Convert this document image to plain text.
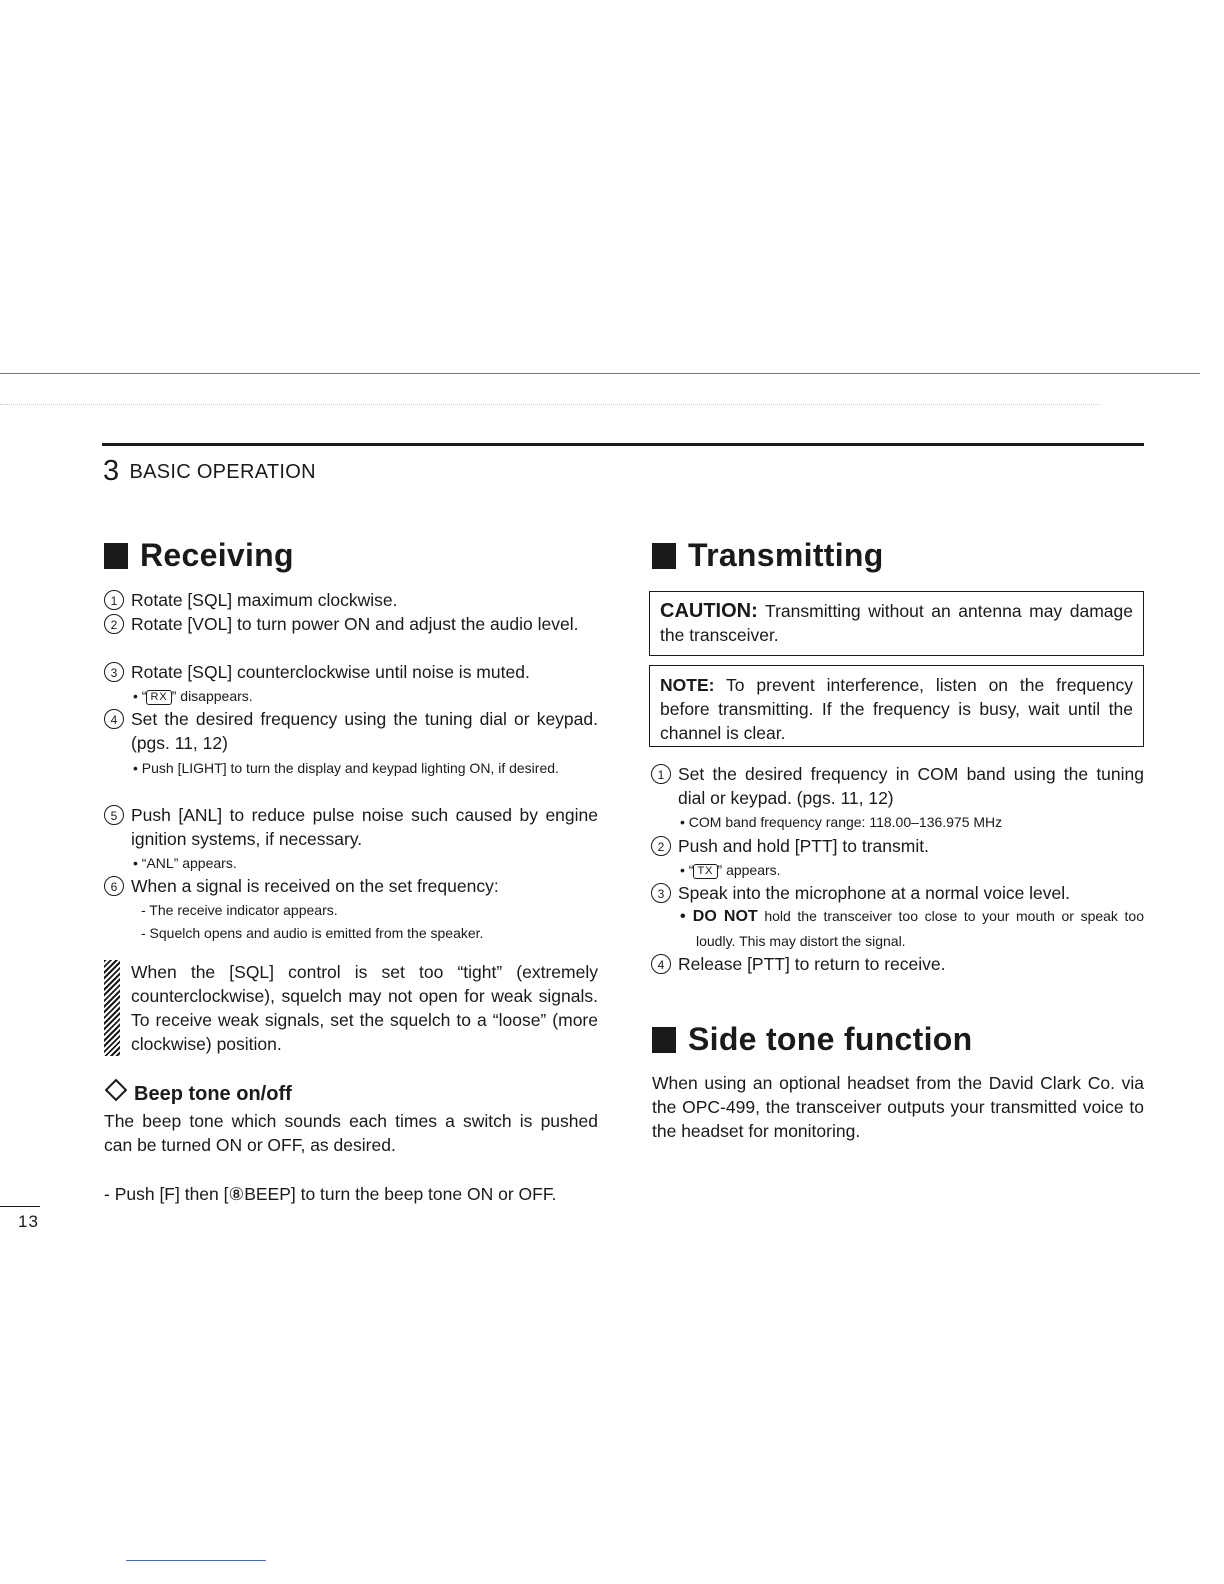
3 BASIC OPERATION
Receiving
1 Rotate [SQL] maximum clockwise.
2 Rotate [VOL] to turn power ON and adjust the audio level.
3 Rotate [SQL] counterclockwise until noise is muted.
• “ RX ” disappears.
4 Set the desired frequency using the tuning dial or keypad. (pgs. 11, 12)
• Push [LIGHT] to turn the display and keypad lighting ON, if desired.
5 Push [ANL] to reduce pulse noise such caused by engine ignition systems, if necessary.
• “ANL” appears.
6 When a signal is received on the set frequency:
- The receive indicator appears.
- Squelch opens and audio is emitted from the speaker.
When the [SQL] control is set too “tight” (extremely counterclockwise), squelch may not open for weak signals. To receive weak signals, set the squelch to a “loose” (more clockwise) position.
Beep tone on/off
The beep tone which sounds each times a switch is pushed can be turned ON or OFF, as desired.
- Push [F] then [⑧BEEP] to turn the beep tone ON or OFF.
Transmitting
CAUTION: Transmitting without an antenna may damage the transceiver.
NOTE: To prevent interference, listen on the frequency before transmitting. If the frequency is busy, wait until the channel is clear.
1 Set the desired frequency in COM band using the tuning dial or keypad. (pgs. 11, 12)
• COM band frequency range: 118.00–136.975 MHz
2 Push and hold [PTT] to transmit.
• “ TX ” appears.
3 Speak into the microphone at a normal voice level.
• DO NOT hold the transceiver too close to your mouth or speak too loudly. This may distort the signal.
4 Release [PTT] to return to receive.
Side tone function
When using an optional headset from the David Clark Co. via the OPC-499, the transceiver outputs your transmitted voice to the headset for monitoring.
13
